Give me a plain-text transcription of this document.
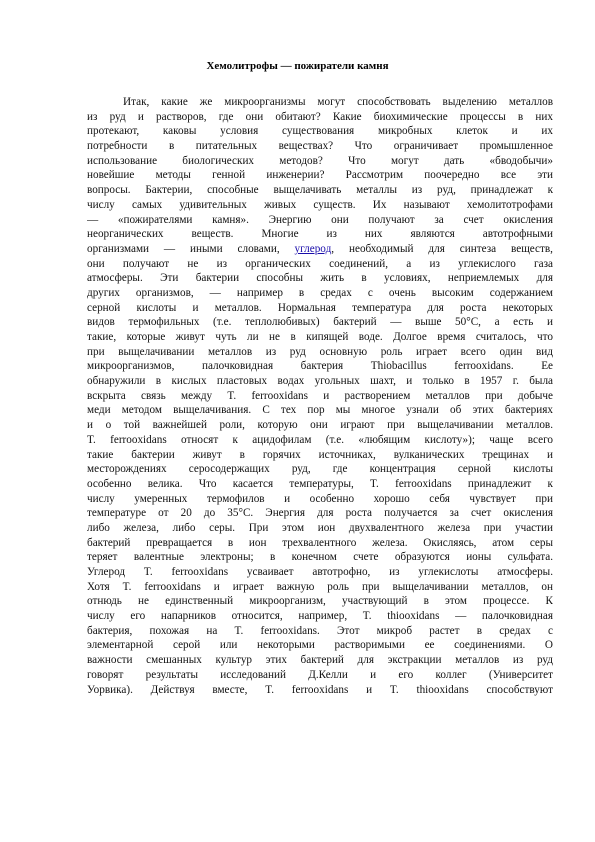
Хемолитрофы — пожиратели камня
Итак, какие же микроорганизмы могут способствовать выделению металлов
из руд и растворов, где они обитают? Какие биохимические процессы в них
протекают, каковы условия существования микробных клеток и их
потребности в питательных веществах? Что ограничивает промышленное
использование биологических методов? Что могут дать «бводобычи»
новейшие методы генной инженерии? Рассмотрим поочередно все эти
вопросы. Бактерии, способные выщелачивать металлы из руд, принадлежат к
числу самых удивительных живых существ. Их называют хемолитотрофами
— «пожирателями камня». Энергию они получают за счет окисления
неорганических веществ. Многие из них являются автотрофными
организмами — иными словами, углерод, необходимый для синтеза веществ,
они получают не из органических соединений, а из углекислого газа
атмосферы. Эти бактерии способны жить в условиях, неприемлемых для
других организмов, — например в средах с очень высоким содержанием
серной кислоты и металлов. Нормальная температура для роста некоторых
видов термофильных (т.е. теплолюбивых) бактерий — выше 50°С, а есть и
такие, которые живут чуть ли не в кипящей воде. Долгое время считалось, что
при выщелачивании металлов из руд основную роль играет всего один вид
микроорганизмов, палочковидная бактерия Thiobacillus ferrooxidans. Ее
обнаружили в кислых пластовых водах угольных шахт, и только в 1957 г. была
вскрыта связь между T. ferrooxidans и растворением металлов при добыче
меди методом выщелачивания. С тех пор мы многое узнали об этих бактериях
и о той важнейшей роли, которую они играют при выщелачивании металлов.
T. ferrooxidans относят к ацидофилам (т.е. «любящим кислоту»); чаще всего
такие бактерии живут в горячих источниках, вулканических трещинах и
месторождениях серосодержащих руд, где концентрация серной кислоты
особенно велика. Что касается температуры, T. ferrooxidans принадлежит к
числу умеренных термофилов и особенно хорошо себя чувствует при
температуре от 20 до 35°С. Энергия для роста получается за счет окисления
либо железа, либо серы. При этом ион двухвалентного железа при участии
бактерий превращается в ион трехвалентного железа. Окисляясь, атом серы
теряет валентные электроны; в конечном счете образуются ионы сульфата.
Углерод T. ferrooxidans усваивает автотрофно, из углекислоты атмосферы.
Хотя T. ferrooxidans и играет важную роль при выщелачивании металлов, он
отнюдь не единственный микроорганизм, участвующий в этом процессе. К
числу его напарников относится, например, T. thiooxidans — палочковидная
бактерия, похожая на T. ferrooxidans. Этот микроб растет в средах с
элементарной серой или некоторыми растворимыми ее соединениями. О
важности смешанных культур этих бактерий для экстракции металлов из руд
говорят результаты исследований Д.Келли и его коллег (Университет
Уорвика). Действуя вместе, T. ferrooxidans и T. thiooxidans способствуют
